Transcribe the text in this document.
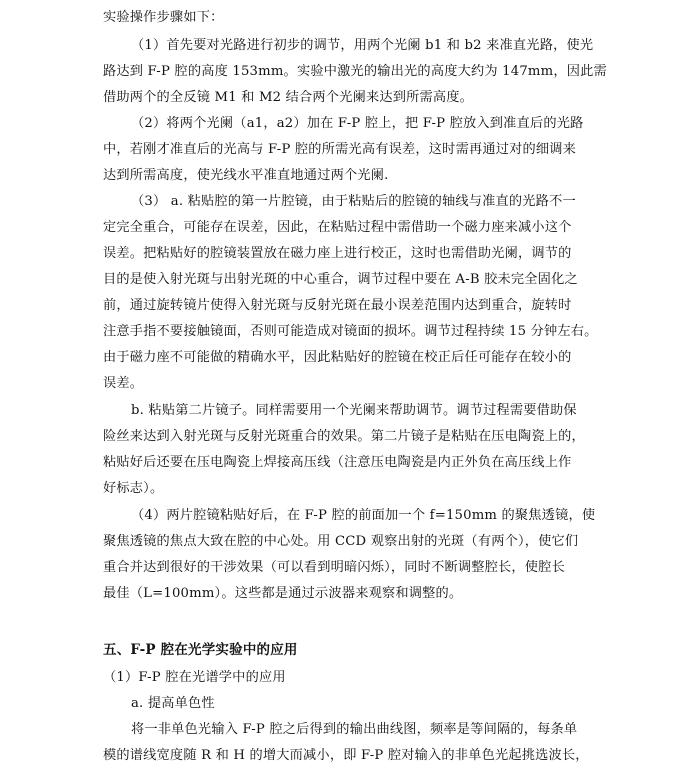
实验操作步骤如下：

（1）首先要对光路进行初步的调节，用两个光阑 b1 和 b2 来准直光路，使光

路达到 F-P 腔的高度 153mm。实验中激光的输出光的高度大约为 147mm，因此需

借助两个的全反镜 M1 和 M2 结合两个光阑来达到所需高度。

（2）将两个光阑（a1，a2）加在 F-P 腔上，把 F-P 腔放入到准直后的光路

中，若刚才准直后的光高与 F-P 腔的所需光高有误差，这时需再通过对的细调来

达到所需高度，使光线水平准直地通过两个光阑.

（3） a. 粘贴腔的第一片腔镜，由于粘贴后的腔镜的轴线与准直的光路不一

定完全重合，可能存在误差，因此，在粘贴过程中需借助一个磁力座来减小这个

误差。把粘贴好的腔镜装置放在磁力座上进行校正，这时也需借助光阑，调节的

目的是使入射光斑与出射光斑的中心重合，调节过程中要在 A-B 胶未完全固化之

前，通过旋转镜片使得入射光斑与反射光斑在最小误差范围内达到重合，旋转时

注意手指不要接触镜面，否则可能造成对镜面的损坏。调节过程持续 15 分钟左右。

由于磁力座不可能做的精确水平，因此粘贴好的腔镜在校正后任可能存在较小的

误差。

b. 粘贴第二片镜子。同样需要用一个光阑来帮助调节。调节过程需要借助保

险丝来达到入射光斑与反射光斑重合的效果。第二片镜子是粘贴在压电陶瓷上的，

粘贴好后还要在压电陶瓷上焊接高压线（注意压电陶瓷是内正外负在高压线上作

好标志）。

（4）两片腔镜粘贴好后，在 F-P 腔的前面加一个 f=150mm 的聚焦透镜，使

聚焦透镜的焦点大致在腔的中心处。用 CCD 观察出射的光斑（有两个），使它们

重合并达到很好的干涉效果（可以看到明暗闪烁），同时不断调整腔长，使腔长

最佳（L=100mm）。这些都是通过示波器来观察和调整的。

五、F-P 腔在光学实验中的应用

（1）F-P 腔在光谱学中的应用

a. 提高单色性

将一非单色光输入 F-P 腔之后得到的输出曲线图，频率是等间隔的，每条单

模的谱线宽度随 R 和 H 的增大而减小，即 F-P 腔对输入的非单色光起挑选波长，
